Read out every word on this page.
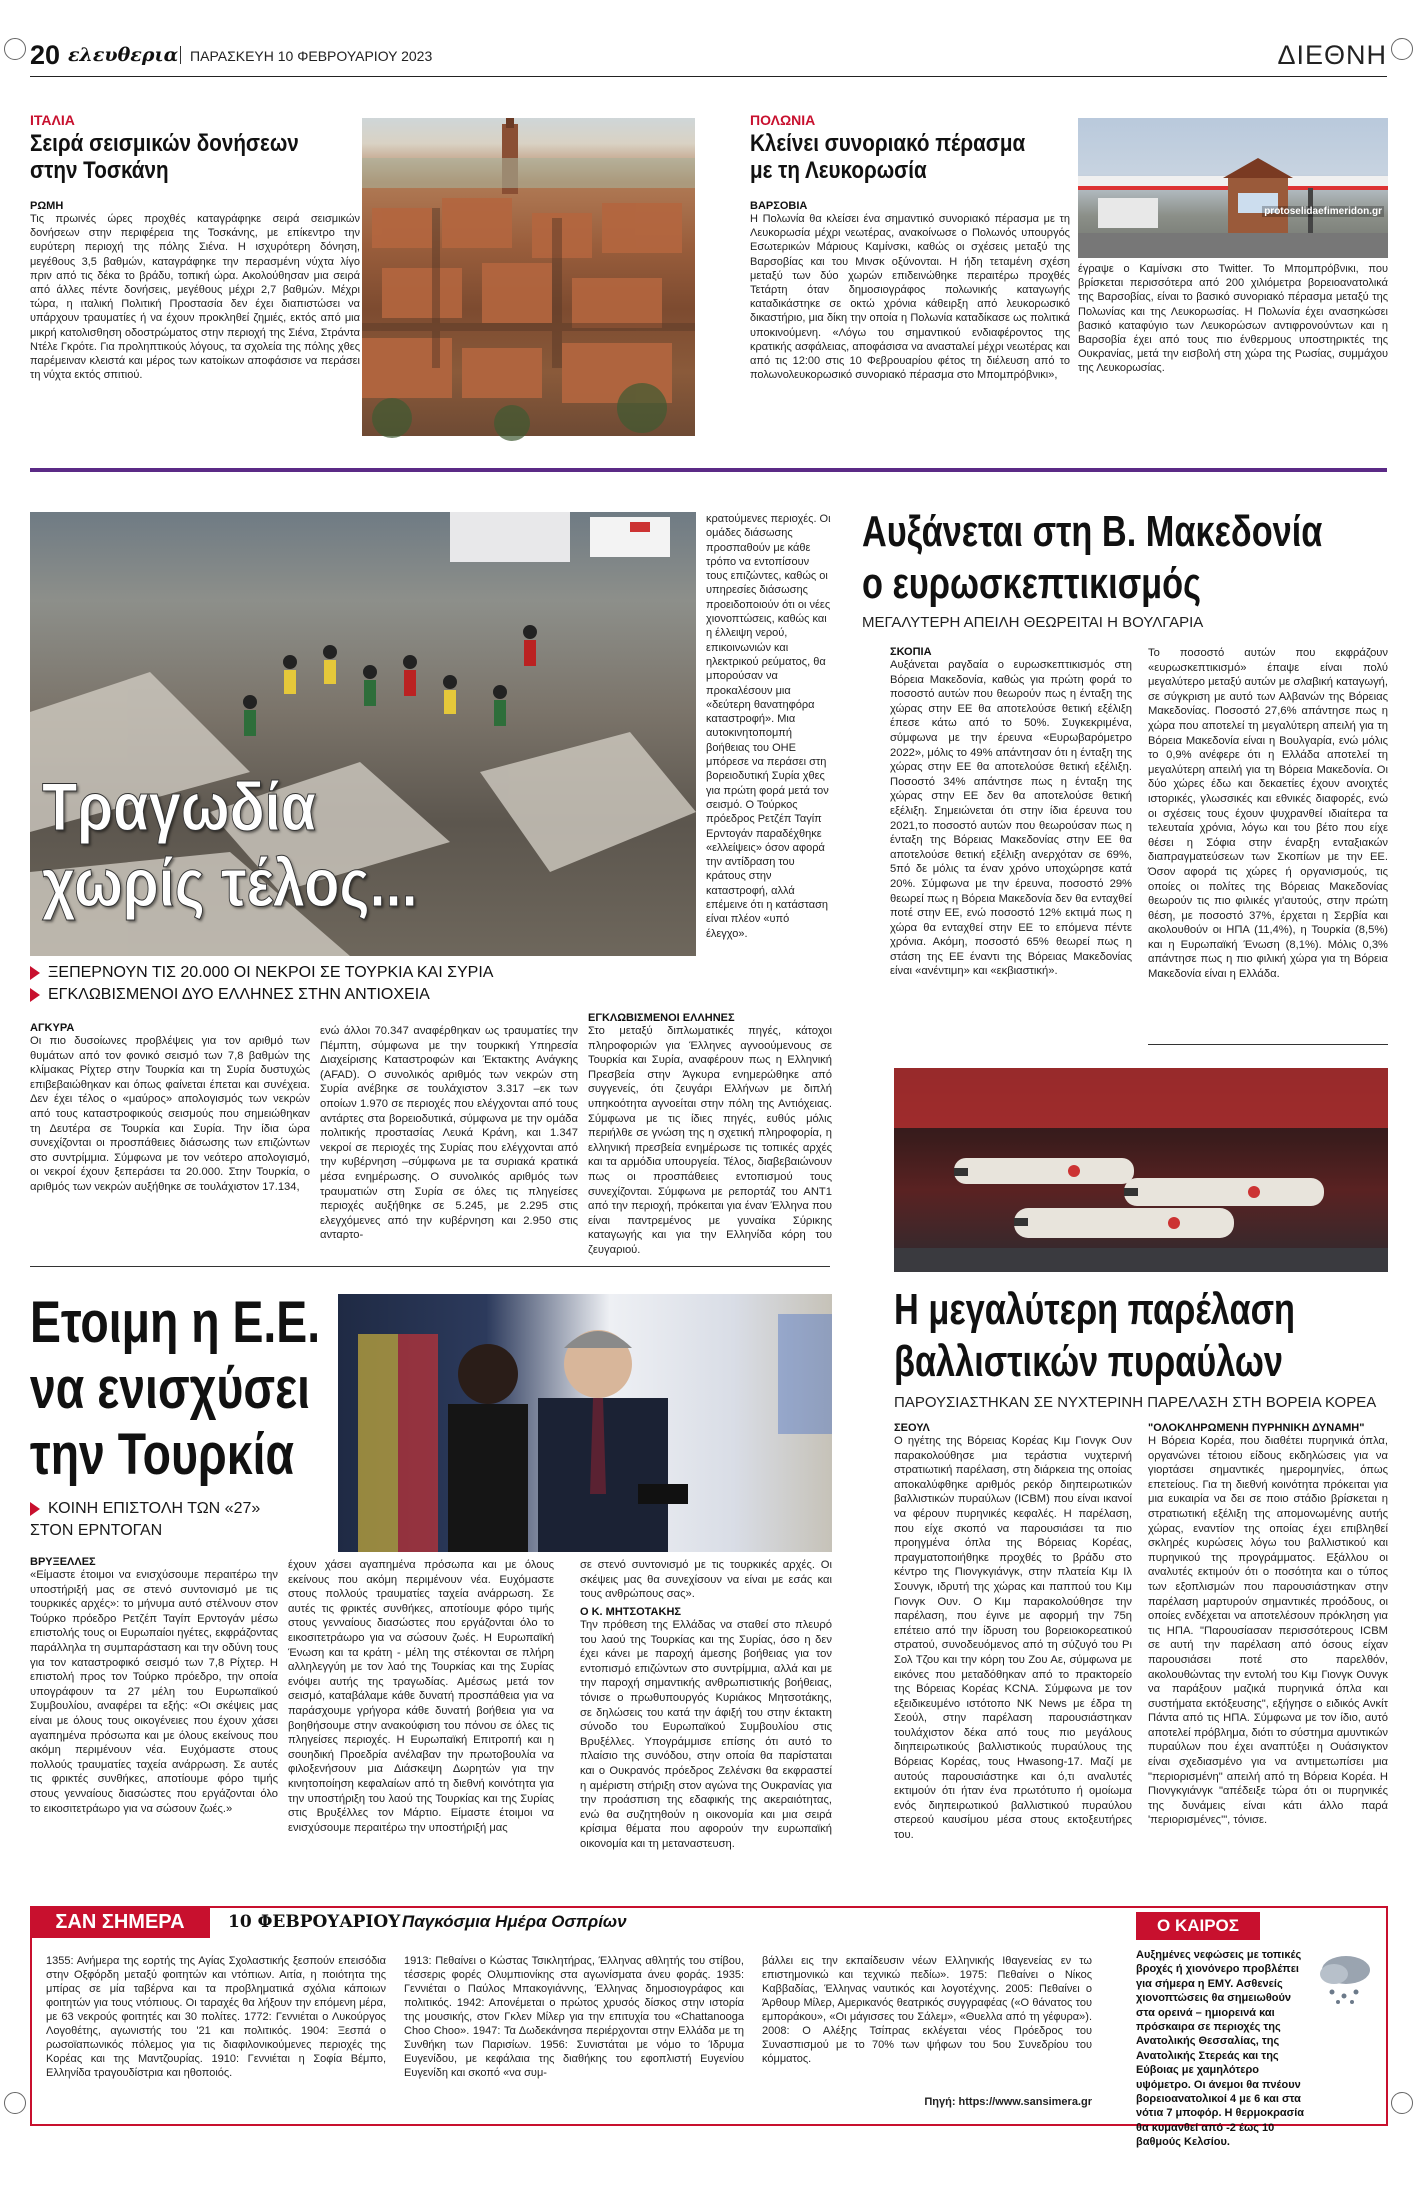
20 ελευθερια ΠΑΡΑΣΚΕΥΗ 10 ΦΕΒΡΟΥΑΡΙΟΥ 2023	ΔΙΕΘΝΗ
ΙΤΑΛΙΑ
Σειρά σεισμικών δονήσεων
στην Τοσκάνη
ΡΩΜΗ
Τις πρωινές ώρες προχθές καταγράφηκε σειρά σεισμικών δονήσεων στην περιφέρεια της Τοσκάνης, με επίκεντρο την ευρύτερη περιοχή της πόλης Σιένα. Η ισχυρότερη δόνηση, μεγέθους 3,5 βαθμών, καταγράφηκε την περασμένη νύχτα λίγο πριν από τις δέκα το βράδυ, τοπική ώρα. Ακολούθησαν μια σειρά από άλλες πέντε δονήσεις, μεγέθους μέχρι 2,7 βαθμών. Μέχρι τώρα, η ιταλική Πολιτική Προστασία δεν έχει διαπιστώσει να υπάρχουν τραυματίες ή να έχουν προκληθεί ζημιές, εκτός από μια μικρή κατολισθηση οδοστρώματος στην περιοχή της Σιένα, Στράντα Ντέλε Γκρότε. Για προληπτικούς λόγους, τα σχολεία της πόλης χθες παρέμειναν κλειστά και μέρος των κατοίκων αποφάσισε να περάσει τη νύχτα εκτός σπιτιού.
ΠΟΛΩΝΙΑ
Κλείνει συνοριακό πέρασμα
με τη Λευκορωσία
ΒΑΡΣΟΒΙΑ
Η Πολωνία θα κλείσει ένα σημαντικό συνοριακό πέρασμα με τη Λευκορωσία μέχρι νεωτέρας, ανακοίνωσε ο Πολωνός υπουργός Εσωτερικών Μάριους Καμίνσκι, καθώς οι σχέσεις μεταξύ της Βαρσοβίας και του Μινσκ οξύνονται. Η ήδη τεταμένη σχέση μεταξύ των δύο χωρών επιδεινώθηκε περαιτέρω προχθές Τετάρτη όταν δημοσιογράφος πολωνικής καταγωγής καταδικάστηκε σε οκτώ χρόνια κάθειρξη από λευκορωσικό δικαστήριο, μια δίκη την οποία η Πολωνία καταδίκασε ως πολιτικά υποκινούμενη. «Λόγω του σημαντικού ενδιαφέροντος της κρατικής ασφάλειας, αποφάσισα να ανασταλεί μέχρι νεωτέρας και από τις 12:00 στις 10 Φεβρουαρίου φέτος τη διέλευση από το πολωνολευκορωσικό συνοριακό πέρασμα στο Μποµπρόβνικι»,
protoselidaefimeridon.gr
έγραψε ο Καμίνσκι στο Twitter. Το Μποµπρόβνικι, που βρίσκεται περισσότερα από 200 χιλιόμετρα βορειοανατολικά της Βαρσοβίας, είναι το βασικό συνοριακό πέρασμα μεταξύ της Πολωνίας και της Λευκορωσίας. Η Πολωνία έχει ανασηκώσει βασικό καταφύγιο των Λευκορώσων αντιφρονούντων και η Βαρσοβία έχει από τους πιο ένθερμους υποστηρικτές της Ουκρανίας, μετά την εισβολή στη χώρα της Ρωσίας, συμμάχου της Λευκορωσίας.
Τραγωδία
χωρίς τέλος...
ΞΕΠΕΡΝΟΥΝ ΤΙΣ 20.000 ΟΙ ΝΕΚΡΟΙ ΣΕ ΤΟΥΡΚΙΑ ΚΑΙ ΣΥΡΙΑ
ΕΓΚΛΩΒΙΣΜΕΝΟΙ ΔΥΟ ΕΛΛΗΝΕΣ ΣΤΗΝ ΑΝΤΙΟΧΕΙΑ
ΑΓΚΥΡΑ
Οι πιο δυσοίωνες προβλέψεις για τον αριθμό των θυμάτων από τον φονικό σεισμό των 7,8 βαθμών της κλίμακας Ρίχτερ στην Τουρκία και τη Συρία δυστυχώς επιβεβαιώθηκαν και όπως φαίνεται έπεται και συνέχεια. Δεν έχει τέλος ο «μαύρος» απολογισμός των νεκρών από τους καταστροφικούς σεισμούς που σημειώθηκαν τη Δευτέρα σε Τουρκία και Συρία. Την ίδια ώρα συνεχίζονται οι προσπάθειες διάσωσης των επιζώντων στο συντρίμμια. Σύμφωνα με τον νεότερο απολογισμό, οι νεκροί έχουν ξεπεράσει τα 20.000. Στην Τουρκία, ο αριθμός των νεκρών αυξήθηκε σε τουλάχιστον 17.134,
ενώ άλλοι 70.347 αναφέρθηκαν ως τραυματίες την Πέμπτη, σύμφωνα με την τουρκική Υπηρεσία Διαχείρισης Καταστροφών και Έκτακτης Ανάγκης (AFAD). Ο συνολικός αριθμός των νεκρών στη Συρία ανέβηκε σε τουλάχιστον 3.317 –εκ των οποίων 1.970 σε περιοχές που ελέγχονται από τους αντάρτες στα βορειοδυτικά, σύμφωνα με την ομάδα πολιτικής προστασίας Λευκά Κράνη, και 1.347 νεκροί σε περιοχές της Συρίας που ελέγχονται από την κυβέρνηση –σύμφωνα με τα συριακά κρατικά μέσα ενημέρωσης. Ο συνολικός αριθμός των τραυματιών στη Συρία σε όλες τις πληγείσες περιοχές αυξήθηκε σε 5.245, με 2.295 στις ελεγχόμενες από την κυβέρνηση και 2.950 στις ανταρτο-
κρατούμενες περιοχές. Οι ομάδες διάσωσης προσπαθούν με κάθε τρόπο να εντοπίσουν τους επιζώντες, καθώς οι υπηρεσίες διάσωσης προειδοποιούν ότι οι νέες χιονοπτώσεις, καθώς και η έλλειψη νερού, επικοινωνιών και ηλεκτρικού ρεύματος, θα μπορούσαν να προκαλέσουν μια «δεύτερη θανατηφόρα καταστροφή». Μια αυτοκινητοπομπή βοήθειας του ΟΗΕ μπόρεσε να περάσει στη βορειοδυτική Συρία χθες για πρώτη φορά μετά τον σεισμό. Ο Τούρκος πρόεδρος Ρετζέπ Ταγίπ Ερντογάν παραδέχθηκε «ελλείψεις» όσον αφορά την αντίδραση του κράτους στην καταστροφή, αλλά επέμεινε ότι η κατάσταση είναι πλέον «υπό έλεγχο».
ΕΓΚΛΩΒΙΣΜΕΝΟΙ ΕΛΛΗΝΕΣ
Στο μεταξύ διπλωματικές πηγές, κάτοχοι πληροφοριών για Έλληνες αγνοούμενους σε Τουρκία και Συρία, αναφέρουν πως η Ελληνική Πρεσβεία στην Άγκυρα ενημερώθηκε από συγγενείς, ότι ζευγάρι Ελλήνων με διπλή υπηκοότητα αγνοείται στην πόλη της Αντιόχειας. Σύμφωνα με τις ίδιες πηγές, ευθύς μόλις περιήλθε σε γνώση της η σχετική πληροφορία, η ελληνική πρεσβεία ενημέρωσε τις τοπικές αρχές και τα αρμόδια υπουργεία. Τέλος, διαβεβαιώνουν πως οι προσπάθειες εντοπισμού τους συνεχίζονται. Σύμφωνα με ρεπορτάζ του ANT1 από την περιοχή, πρόκειται για έναν Έλληνα που είναι παντρεμένος με γυναίκα Σύρικης καταγωγής και για την Ελληνίδα κόρη του ζευγαριού.
Αυξάνεται στη Β. Μακεδονία
ο ευρωσκεπτικισμός
ΜΕΓΑΛΥΤΕΡΗ ΑΠΕΙΛΗ ΘΕΩΡΕΙΤΑΙ Η ΒΟΥΛΓΑΡΙΑ
ΣΚΟΠΙΑ
Αυξάνεται ραγδαία ο ευρωσκεπτικισμός στη Βόρεια Μακεδονία, καθώς για πρώτη φορά το ποσοστό αυτών που θεωρούν πως η ένταξη της χώρας στην ΕΕ θα αποτελούσε θετική εξέλιξη έπεσε κάτω από το 50%. Συγκεκριμένα, σύμφωνα με την έρευνα «Ευρωβαρόμετρο 2022», μόλις το 49% απάντησαν ότι η ένταξη της χώρας στην ΕΕ θα αποτελούσε θετική εξέλιξη. Ποσοστό 34% απάντησε πως η ένταξη της χώρας στην ΕΕ δεν θα αποτελούσε θετική εξέλιξη. Σημειώνεται ότι στην ίδια έρευνα του 2021,το ποσοστό αυτών που θεωρούσαν πως η ένταξη της Βόρειας Μακεδονίας στην ΕΕ θα αποτελούσε θετική εξέλιξη ανερχόταν σε 69%, 5πό δε μόλις τα έναν χρόνο υποχώρησε κατά 20%. Σύμφωνα με την έρευνα, ποσοστό 29% θεωρεί πως η Βόρεια Μακεδονία δεν θα ενταχθεί ποτέ στην ΕΕ, ενώ ποσοστό 12% εκτιμά πως η χώρα θα ενταχθεί στην ΕΕ το επόμενα πέντε χρόνια. Ακόμη, ποσοστό 65% θεωρεί πως η στάση της ΕΕ έναντι της Βόρειας Μακεδονίας είναι «ανέντιμη» και «εκβιαστική».
Το ποσοστό αυτών που εκφράζουν «ευρωσκεπτικισμό» έπαψε είναι πολύ μεγαλύτερο μεταξύ αυτών με σλαβική καταγωγή, σε σύγκριση με αυτό των Αλβανών της Βόρειας Μακεδονίας. Ποσοστό 27,6% απάντησε πως η χώρα που αποτελεί τη μεγαλύτερη απειλή για τη Βόρεια Μακεδονία είναι η Βουλγαρία, ενώ μόλις το 0,9% ανέφερε ότι η Ελλάδα αποτελεί τη μεγαλύτερη απειλή για τη Βόρεια Μακεδονία. Οι δύο χώρες έδω και δεκαετίες έχουν ανοιχτές ιστορικές, γλωσσικές και εθνικές διαφορές, ενώ οι σχέσεις τους έχουν ψυχρανθεί ιδιαίτερα τα τελευταία χρόνια, λόγω και του βέτο που είχε θέσει η Σόφια στην έναρξη ενταξιακών διαπραγματεύσεων των Σκοπίων με την ΕΕ. Όσον αφορά τις χώρες ή οργανισμούς, τις οποίες οι πολίτες της Βόρειας Μακεδονίας θεωρούν τις πιο φιλικές γι'αυτούς, στην πρώτη θέση, με ποσοστό 37%, έρχεται η Σερβία και ακολουθούν οι ΗΠΑ (11,4%), η Τουρκία (8,5%) και η Ευρωπαϊκή Ένωση (8,1%). Μόλις 0,3% απάντησε πως η πιο φιλική χώρα για τη Βόρεια Μακεδονία είναι η Ελλάδα.
Ετοιμη η Ε.Ε.
να ενισχύσει
την Τουρκία
ΚΟΙΝΗ ΕΠΙΣΤΟΛΗ ΤΩΝ «27»
ΣΤΟΝ ΕΡΝΤΟΓΑΝ
ΒΡΥΞΕΛΛΕΣ
«Είμαστε έτοιμοι να ενισχύσουμε περαιτέρω την υποστήριξή μας σε στενό συντονισμό με τις τουρκικές αρχές»: το μήνυμα αυτό στέλνουν στον Τούρκο πρόεδρο Ρετζέπ Ταγίπ Ερντογάν μέσω επιστολής τους οι Ευρωπαίοι ηγέτες, εκφράζοντας παράλληλα τη συμπαράσταση και την οδύνη τους για τον καταστροφικό σεισμό των 7,8 Ρίχτερ. Η επιστολή προς τον Τούρκο πρόεδρο, την οποία υπογράφουν τα 27 μέλη του Ευρωπαϊκού Συμβουλίου, αναφέρει τα εξής: «Οι σκέψεις μας είναι με όλους τους οικογένειες που έχουν χάσει αγαπημένα πρόσωπα και με όλους εκείνους που ακόμη περιμένουν νέα. Ευχόμαστε στους πολλούς τραυματίες ταχεία ανάρρωση. Σε αυτές τις φρικτές συνθήκες, αποτίουμε φόρο τιμής στους γενναίους διασώστες που εργάζονται όλο το εικοσιτετράωρο για να σώσουν ζωές.»
έχουν χάσει αγαπημένα πρόσωπα και με όλους εκείνους που ακόμη περιμένουν νέα. Ευχόμαστε στους πολλούς τραυματίες ταχεία ανάρρωση. Σε αυτές τις φρικτές συνθήκες, αποτίουμε φόρο τιμής στους γενναίους διασώστες που εργάζονται όλο το εικοσιτετράωρο για να σώσουν ζωές. Η Ευρωπαϊκή Ένωση και τα κράτη - μέλη της στέκονται σε πλήρη αλληλεγγύη με τον λαό της Τουρκίας και της Συρίας ενόψει αυτής της τραγωδίας. Αμέσως μετά τον σεισμό, καταβάλαμε κάθε δυνατή προσπάθεια για να παράσχουμε γρήγορα κάθε δυνατή βοήθεια για να βοηθήσουμε στην ανακούφιση του πόνου σε όλες τις πληγείσες περιοχές. Η Ευρωπαϊκή Επιτροπή και η σουηδική Προεδρία ανέλαβαν την πρωτοβουλία να φιλοξενήσουν μια Διάσκεψη Δωρητών για την κινητοποίηση κεφαλαίων από τη διεθνή κοινότητα για την υποστήριξη του λαού της Τουρκίας και της Συρίας στις Βρυξέλλες τον Μάρτιο. Είμαστε έτοιμοι να ενισχύσουμε περαιτέρω την υποστήριξή μας
σε στενό συντονισμό με τις τουρκικές αρχές. Οι σκέψεις μας θα συνεχίσουν να είναι με εσάς και τους ανθρώπους σας».
Ο Κ. ΜΗΤΣΟΤΑΚΗΣ
Την πρόθεση της Ελλάδας να σταθεί στο πλευρό του λαού της Τουρκίας και της Συρίας, όσο η δεν έχει κάνει με παροχή άμεσης βοήθειας για τον εντοπισμό επιζώντων στο συντρίμμια, αλλά και με την παροχή σημαντικής ανθρωπιστικής βοήθειας, τόνισε ο πρωθυπουργός Κυριάκος Μητσοτάκης, σε δηλώσεις του κατά την άφιξή του στην έκτακτη σύνοδο του Ευρωπαϊκού Συμβουλίου στις Βρυξέλλες. Υπογράμμισε επίσης ότι αυτό το πλαίσιο της συνόδου, στην οποία θα παρίσταται και ο Ουκρανός πρόεδρος Ζελένσκι θα εκφραστεί η αμέριστη στήριξη στον αγώνα της Ουκρανίας για την προάσπιση της εδαφικής της ακεραιότητας, ενώ θα συζητηθούν η οικονομία και μια σειρά κρίσιμα θέματα που αφορούν την ευρωπαϊκή οικονομία και τη μεταναστευση.
Η μεγαλύτερη παρέλαση
βαλλιστικών πυραύλων
ΠΑΡΟΥΣΙΑΣΤΗΚΑΝ ΣΕ ΝΥΧΤΕΡΙΝΗ ΠΑΡΕΛΑΣΗ ΣΤΗ ΒΟΡΕΙΑ ΚΟΡΕΑ
ΣΕΟΥΛ
Ο ηγέτης της Βόρειας Κορέας Κιμ Γιονγκ Ουν παρακολούθησε μια τεράστια νυχτερινή στρατιωτική παρέλαση, στη διάρκεια της οποίας αποκαλύφθηκε αριθμός ρεκόρ διηπειρωτικών βαλλιστικών πυραύλων (ICBM) που είναι ικανοί να φέρουν πυρηνικές κεφαλές. Η παρέλαση, που είχε σκοπό να παρουσιάσει τα πιο προηγμένα όπλα της Βόρειας Κορέας, πραγματοποιήθηκε προχθές το βράδυ στο κέντρο της Πιονγκγιάνγκ, στην πλατεία Κιμ Ιλ Σουνγκ, ιδρυτή της χώρας και παππού του Κιμ Γιονγκ Ουν. Ο Κιμ παρακολούθησε την παρέλαση, που έγινε με αφορμή την 75η επέτειο από την ίδρυση του βορειοκορεατικού στρατού, συνοδευόμενος από τη σύζυγό του Ρι Σολ Τζου και την κόρη του Ζου Αε, σύμφωνα με εικόνες που μεταδόθηκαν από το πρακτορείο της Βόρειας Κορέας KCNA. Σύμφωνα με τον εξειδικευμένο ιστότοπο NK News με έδρα τη Σεούλ, στην παρέλαση παρουσιάστηκαν τουλάχιστον δέκα από τους πιο μεγάλους διηπειρωτικούς βαλλιστικούς πυραύλους της Βόρειας Κορέας, τους Hwasong-17. Μαζί με αυτούς παρουσιάστηκε και ό,τι αναλυτές εκτιμούν ότι ήταν ένα πρωτότυπο ή ομοίωμα ενός διηπειρωτικού βαλλιστικού πυραύλου στερεού καυσίμου μέσα στους εκτοξευτήρες του.
"ΟΛΟΚΛΗΡΩΜΕΝΗ ΠΥΡΗΝΙΚΗ ΔΥΝΑΜΗ"
Η Βόρεια Κορέα, που διαθέτει πυρηνικά όπλα, οργανώνει τέτοιου είδους εκδηλώσεις για να γιορτάσει σημαντικές ημερομηνίες, όπως επετείους. Για τη διεθνή κοινότητα πρόκειται για μια ευκαιρία να δει σε ποιο στάδιο βρίσκεται η στρατιωτική εξέλιξη της απομονωμένης αυτής χώρας, εναντίον της οποίας έχει επιβληθεί σκληρές κυρώσεις λόγω του βαλλιστικού και πυρηνικού της προγράμματος. Εξάλλου οι αναλυτές εκτιμούν ότι ο ποσότητα και ο τύπος των εξοπλισμών που παρουσιάστηκαν στην παρέλαση μαρτυρούν σημαντικές προόδους, οι οποίες ενδέχεται να αποτελέσουν πρόκληση για τις ΗΠΑ. "Παρουσίασαν περισσότερους ICBM σε αυτή την παρέλαση από όσους είχαν παρουσιάσει ποτέ στο παρελθόν, ακολουθώντας την εντολή του Κιμ Γιονγκ Ουνγκ να παράξουν μαζικά πυρηνικά όπλα και συστήματα εκτόξευσης", εξήγησε ο ειδικός Ανκίτ Πάντα από τις ΗΠΑ. Σύμφωνα με τον ίδιο, αυτό αποτελεί πρόβλημα, διότι το σύστημα αμυντικών πυραύλων που έχει αναπτύξει η Ουάσιγκτον είναι σχεδιασμένο για να αντιμετωπίσει μια "περιορισμένη" απειλή από τη Βόρεια Κορέα. Η Πιονγκγιάνγκ "απέδειξε τώρα ότι οι πυρηνικές της δυνάμεις είναι κάτι άλλο παρά 'περιορισμένες'", τόνισε.
ΣΑΝ ΣΗΜΕΡΑ	10 ΦΕΒΡΟΥΑΡΙΟΥ Παγκόσμια Ημέρα Οσπρίων
1355: Ανήμερα της εορτής της Αγίας Σχολαστικής ξεσπούν επεισόδια στην Οξφόρδη μεταξύ φοιτητών και ντόπιων. Αιτία, η ποιότητα της μπίρας σε μία ταβέρνα και τα προβληματικά σχόλια κάποιων φοιτητών για τους ντόπιους. Οι ταραχές θα λήξουν την επόμενη μέρα, με 63 νεκρούς φοιτητές και 30 πολίτες. 1772: Γεννιέται ο Λυκούργος Λογοθέτης, αγωνιστής του '21 και πολιτικός. 1904: Ξεσπά ο ρωσοϊαπωνικός πόλεμος για τις διαφιλονικούμενες περιοχές της Κορέας και της Μαντζουρίας. 1910: Γεννιέται η Σοφία Βέμπο, Ελληνίδα τραγουδίστρια και ηθοποιός.
1913: Πεθαίνει ο Κώστας Τσικλητήρας, Έλληνας αθλητής του στίβου, τέσσερις φορές Ολυμπιονίκης στα αγωνίσματα άνευ φοράς. 1935: Γεννιέται ο Παύλος Μπακογιάννης, Έλληνας δημοσιογράφος και πολιτικός. 1942: Απονέμεται ο πρώτος χρυσός δίσκος στην ιστορία της μουσικής, στον Γκλεν Μίλερ για την επιτυχία του «Chattanooga Choo Choo». 1947: Τα Δωδεκάνησα περιέρχονται στην Ελλάδα με τη Συνθήκη των Παρισίων. 1956: Συνιστάται με νόμο το Ίδρυμα Ευγενίδου, με κεφάλαια της διαθήκης του εφοπλιστή Ευγενίου Ευγενίδη και σκοπό «να συμ-
βάλλει εις την εκπαίδευσιν νέων Ελληνικής Ιθαγενείας εν τω επιστημονικώ και τεχνικώ πεδίω». 1975: Πεθαίνει ο Νίκος Καββαδίας, Έλληνας ναυτικός και λογοτέχνης. 2005: Πεθαίνει ο Άρθουρ Μίλερ, Αμερικανός θεατρικός συγγραφέας («Ο θάνατος του εμποράκου», «Οι μάγισσες του Σάλεμ», «Θυελλα από τη γέφυρα»). 2008: Ο Αλέξης Τσίπρας εκλέγεται νέος Πρόεδρος του Συνασπισμού με το 70% των ψήφων του 5ου Συνεδρίου του κόμματος.
Πηγή: https://www.sansimera.gr
Ο ΚΑΙΡΟΣ
Αυξημένες νεφώσεις με τοπικές βροχές ή χιονόνερο προβλέπει για σήμερα η ΕΜΥ. Ασθενείς χιονοπτώσεις θα σημειωθούν στα ορεινά – ημιορεινά και πρόσκαιρα σε περιοχές της Ανατολικής Θεσσαλίας, της Ανατολικής Στερεάς και της Εύβοιας με χαμηλότερο υψόμετρο. Οι άνεμοι θα πνέουν βορειοανατολικοί 4 με 6 και στα νότια 7 μποφόρ. Η θερμοκρασία θα κυμανθεί από -2 έως 10 βαθμούς Κελσίου.
